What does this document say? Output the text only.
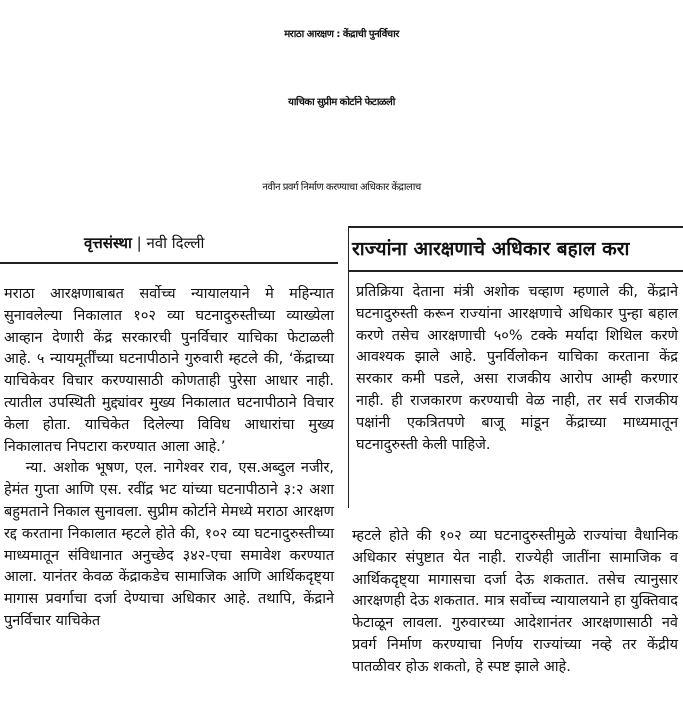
मराठा आरक्षण : केंद्राची पुनर्विचार
याचिका सुप्रीम कोर्टाने फेटाळली
नवीन प्रवर्ग निर्माण करण्याचा अधिकार केंद्रालाच
वृत्तसंस्था | नवी दिल्ली

मराठा आरक्षणाबाबत सर्वोच्च न्यायालयाने मे महिन्यात सुनावलेल्या निकालात १०२ व्या घटनादुरुस्तीच्या व्याख्येला आव्हान देणारी केंद्र सरकारची पुनर्विचार याचिका फेटाळली आहे. ५ न्यायमूर्तींच्या घटनापीठाने गुरुवारी म्हटले की, ‘केंद्राच्या याचिकेवर विचार करण्यासाठी कोणताही पुरेसा आधार नाही. त्यातील उपस्थिती मुद्द्यांवर मुख्य निकालात घटनापीठाने विचार केला होता. याचिकेत दिलेल्या विविध आधारांचा मुख्य निकालातच निपटारा करण्यात आला आहे.’

न्या. अशोक भूषण, एल. नागेश्वर राव, एस.अब्दुल नजीर, हेमंत गुप्ता आणि एस. रवींद्र भट यांच्या घटनापीठाने ३:२ अशा बहुमताने निकाल सुनावला. सुप्रीम कोर्टाने मेमध्ये मराठा आरक्षण रद्द करताना निकालात म्हटले होते की, १०२ व्या घटनादुरुस्तीच्या माध्यमातून संविधानात अनुच्छेद ३४२-एचा समावेश करण्यात आला. यानंतर केवळ केंद्राकडेच सामाजिक आणि आर्थिकदृष्ट्या मागास प्रवर्गाचा दर्जा देण्याचा अधिकार आहे. तथापि, केंद्राने पुनर्विचार याचिकेत

राज्यांना आरक्षणाचे अधिकार बहाल करा

प्रतिक्रिया देताना मंत्री अशोक चव्हाण म्हणाले की, केंद्राने घटनादुरुस्ती करून राज्यांना आरक्षणाचे अधिकार पुन्हा बहाल करणे तसेच आरक्षणाची ५०% टक्के मर्यादा शिथिल करणे आवश्यक झाले आहे. पुनर्विलोकन याचिका करताना केंद्र सरकार कमी पडले, असा राजकीय आरोप आम्ही करणार नाही. ही राजकारण करण्याची वेळ नाही, तर सर्व राजकीय पक्षांनी एकत्रितपणे बाजू मांडून केंद्राच्या माध्यमातून घटनादुरुस्ती केली पाहिजे.

म्हटले होते की १०२ व्या घटनादुरुस्तीमुळे राज्यांचा वैधानिक अधिकार संपुष्टात येत नाही. राज्येही जातींना सामाजिक व आर्थिकदृष्ट्या मागासचा दर्जा देऊ शकतात. तसेच त्यानुसार आरक्षणही देऊ शकतात. मात्र सर्वोच्च न्यायालयाने हा युक्तिवाद फेटाळून लावला. गुरुवारच्या आदेशानंतर आरक्षणासाठी नवे प्रवर्ग निर्माण करण्याचा निर्णय राज्यांच्या नव्हे तर केंद्रीय पातळीवर होऊ शकतो, हे स्पष्ट झाले आहे.
